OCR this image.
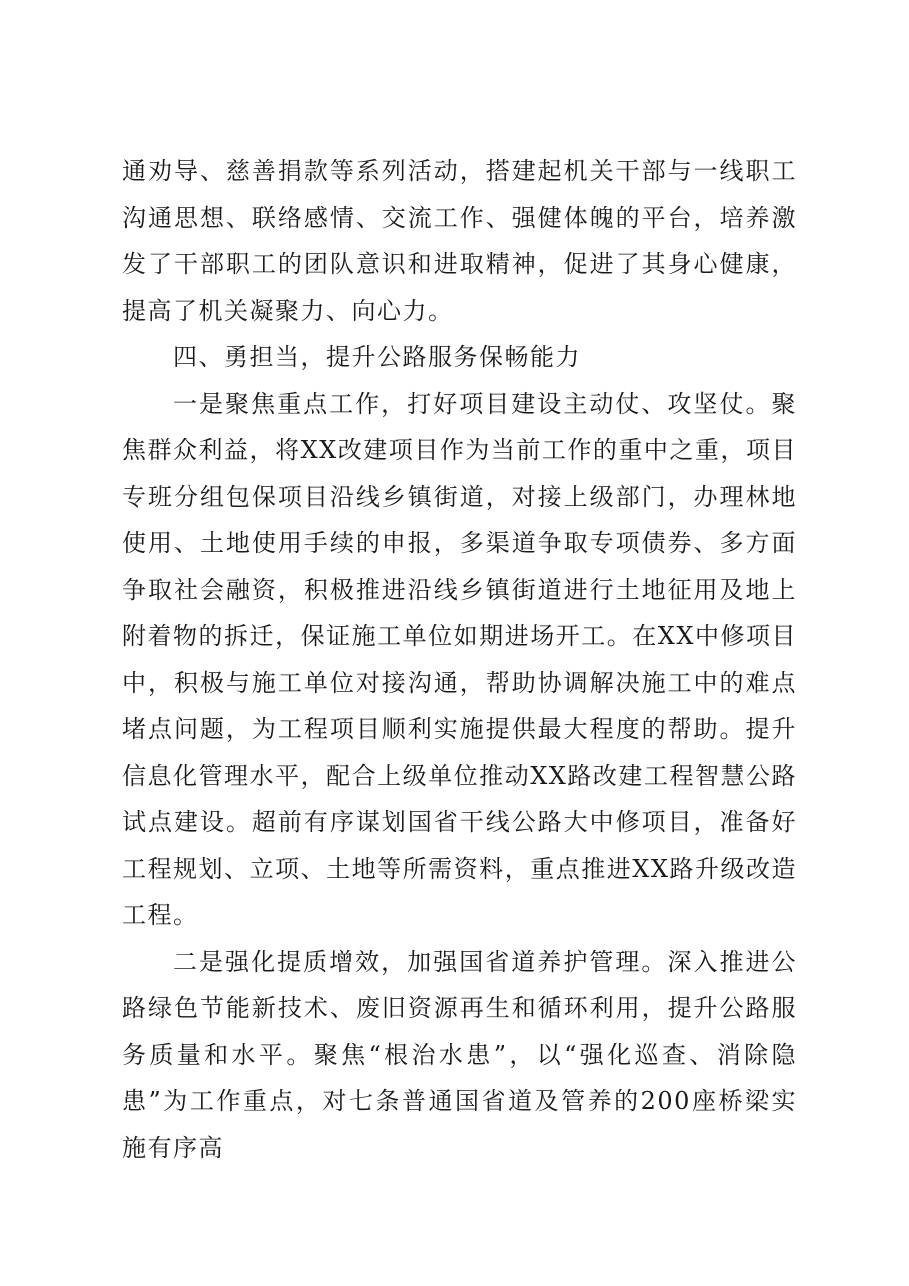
通劝导、慈善捐款等系列活动，搭建起机关干部与一线职工沟通思想、联络感情、交流工作、强健体魄的平台，培养激发了干部职工的团队意识和进取精神，促进了其身心健康，提高了机关凝聚力、向心力。

四、勇担当，提升公路服务保畅能力

一是聚焦重点工作，打好项目建设主动仗、攻坚仗。聚焦群众利益，将XX改建项目作为当前工作的重中之重，项目专班分组包保项目沿线乡镇街道，对接上级部门，办理林地使用、土地使用手续的申报，多渠道争取专项债券、多方面争取社会融资，积极推进沿线乡镇街道进行土地征用及地上附着物的拆迁，保证施工单位如期进场开工。在XX中修项目中，积极与施工单位对接沟通，帮助协调解决施工中的难点堵点问题，为工程项目顺利实施提供最大程度的帮助。提升信息化管理水平，配合上级单位推动XX路改建工程智慧公路试点建设。超前有序谋划国省干线公路大中修项目，准备好工程规划、立项、土地等所需资料，重点推进XX路升级改造工程。

二是强化提质增效，加强国省道养护管理。深入推进公路绿色节能新技术、废旧资源再生和循环利用，提升公路服务质量和水平。聚焦“根治水患”，以“强化巡查、消除隐患”为工作重点，对七条普通国省道及管养的200座桥梁实施有序高
